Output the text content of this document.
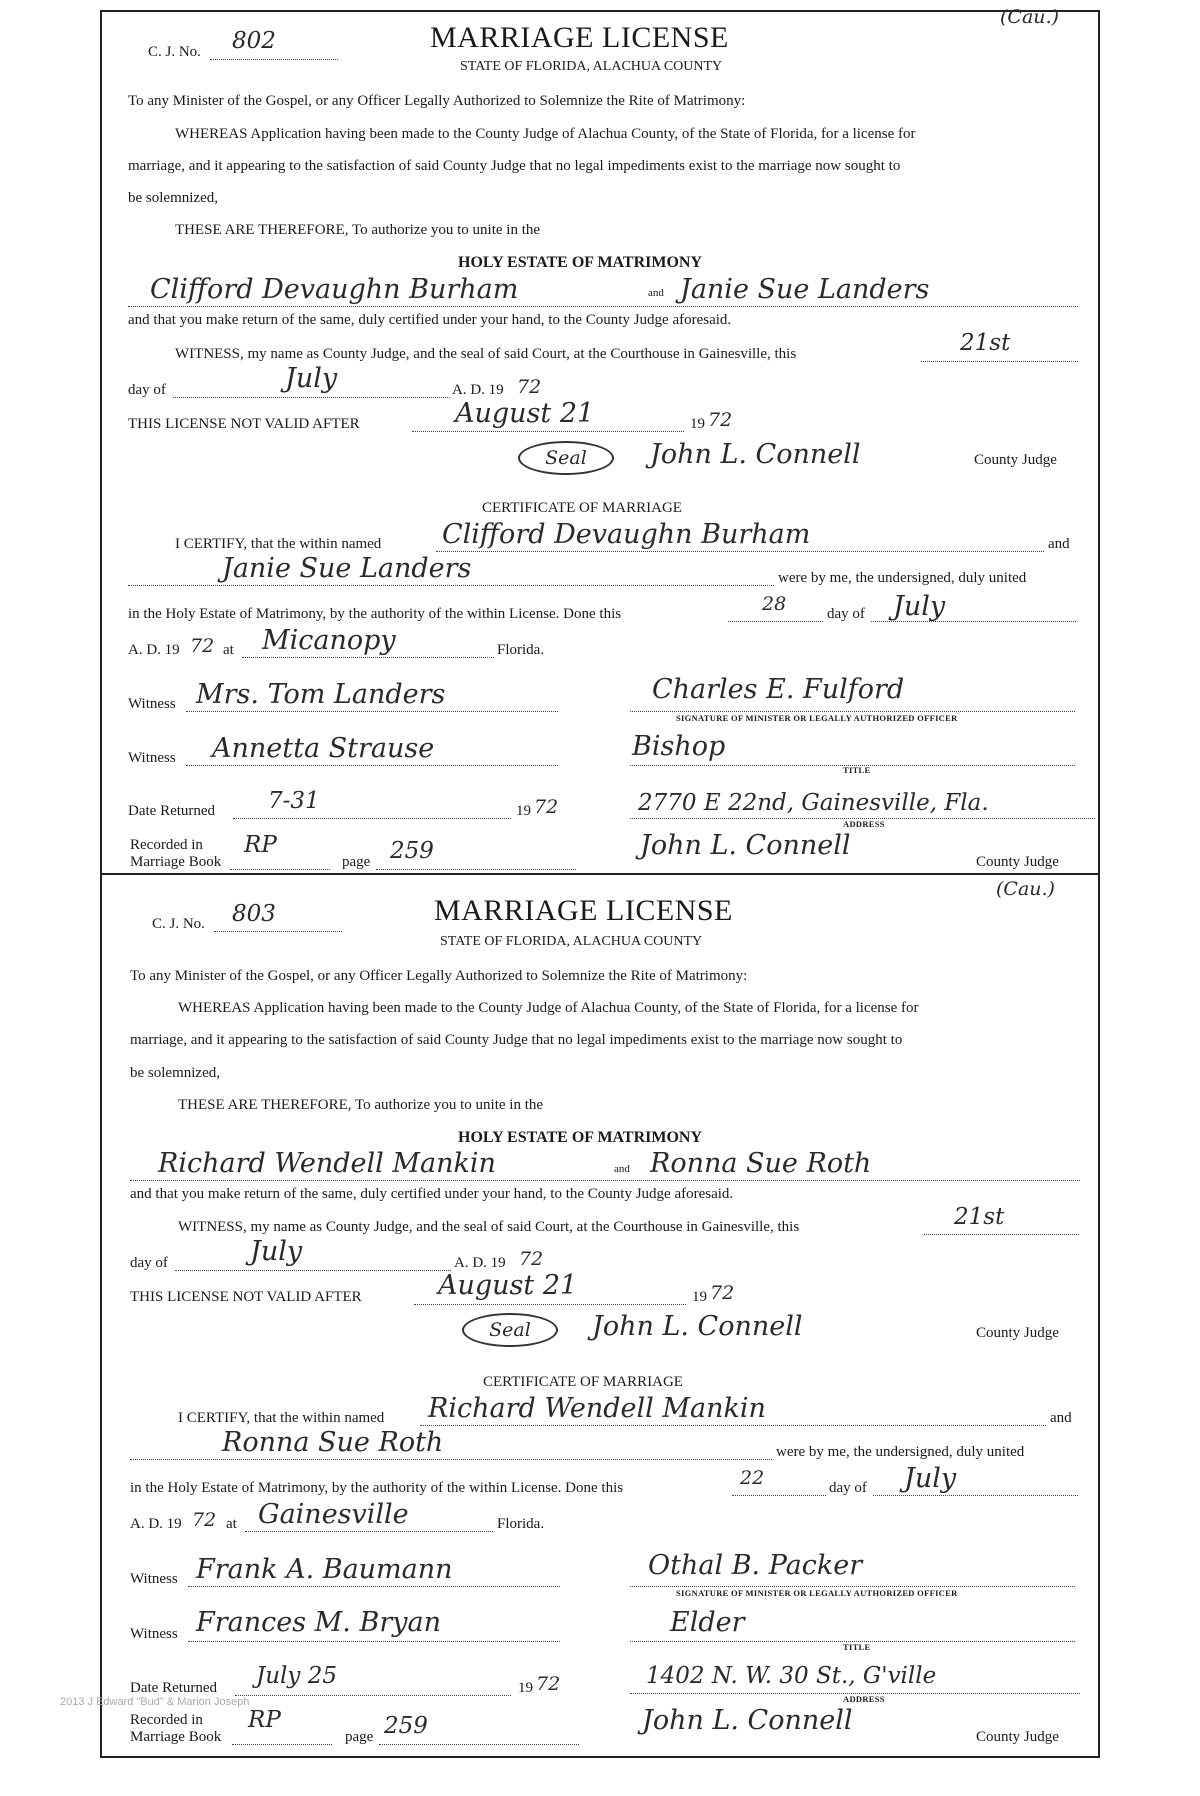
(Cau.)
C. J. No. 802	MARRIAGE LICENSE
STATE OF FLORIDA, ALACHUA COUNTY
To any Minister of the Gospel, or any Officer Legally Authorized to Solemnize the Rite of Matrimony:
WHEREAS Application having been made to the County Judge of Alachua County, of the State of Florida, for a license for
marriage, and it appearing to the satisfaction of said County Judge that no legal impediments exist to the marriage now sought to
be solemnized,
THESE ARE THEREFORE, To authorize you to unite in the
HOLY ESTATE OF MATRIMONY
Clifford Devaughn Burham	and Janie Sue Landers
and that you make return of the same, duly certified under your hand, to the County Judge aforesaid.
WITNESS, my name as County Judge, and the seal of said Court, at the Courthouse in Gainesville, this	21st
day of	July	A. D. 19 72
THIS LICENSE NOT VALID AFTER	August 21	19 72
Seal	John L. Connell	County Judge
CERTIFICATE OF MARRIAGE
I CERTIFY, that the within named Clifford Devaughn Burham	and
Janie Sue Landers	were by me, the undersigned, duly united
in the Holy Estate of Matrimony, by the authority of the within License. Done this	28	day of July
A. D. 19 72 at Micanopy	Florida.
Witness Mrs. Tom Landers	Charles E. Fulford
SIGNATURE OF MINISTER OR LEGALLY AUTHORIZED OFFICER
Witness Annetta Strause	Bishop
TITLE
Date Returned 7-31	19 72	2770 E 22nd, Gainesville, Fla.
ADDRESS
Recorded in
Marriage Book
RP
page 259	John L. Connell
County Judge
(Cau.)
C. J. No. 803	MARRIAGE LICENSE
STATE OF FLORIDA, ALACHUA COUNTY
To any Minister of the Gospel, or any Officer Legally Authorized to Solemnize the Rite of Matrimony:
WHEREAS Application having been made to the County Judge of Alachua County, of the State of Florida, for a license for
marriage, and it appearing to the satisfaction of said County Judge that no legal impediments exist to the marriage now sought to
be solemnized,
THESE ARE THEREFORE, To authorize you to unite in the
HOLY ESTATE OF MATRIMONY
Richard Wendell Mankin	and Ronna Sue Roth
and that you make return of the same, duly certified under your hand, to the County Judge aforesaid.
WITNESS, my name as County Judge, and the seal of said Court, at the Courthouse in Gainesville, this	21st
day of	July	A. D. 19 72
THIS LICENSE NOT VALID AFTER	August 21	19 72
Seal	John L. Connell	County Judge
CERTIFICATE OF MARRIAGE
I CERTIFY, that the within named Richard Wendell Mankin	and
Ronna Sue Roth	were by me, the undersigned, duly united
in the Holy Estate of Matrimony, by the authority of the within License. Done this	22	day of July
A. D. 19 72 at Gainesville	Florida.
Witness Frank A. Baumann	Othal B. Packer
SIGNATURE OF MINISTER OR LEGALLY AUTHORIZED OFFICER
Witness Frances M. Bryan	Elder
TITLE
Date Returned July 25	19 72	1402 N. W. 30 St., G'ville
ADDRESS
Recorded in
Marriage Book
RP
page 259	John L. Connell
County Judge
2013 J Edward "Bud" & Marion Joseph
